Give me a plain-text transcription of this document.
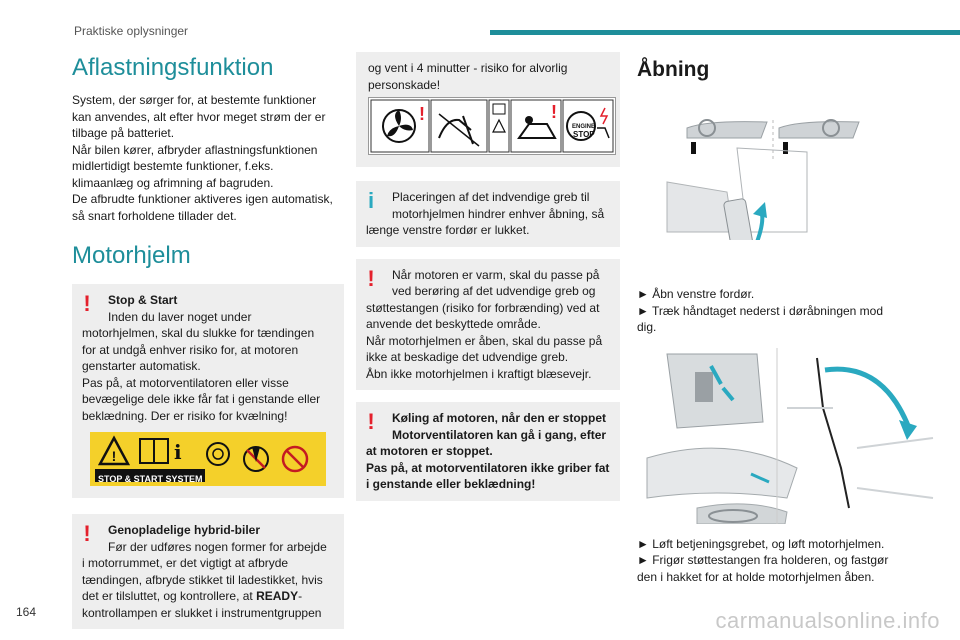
Praktiske oplysninger
Aflastningsfunktion

System, der sørger for, at bestemte funktioner
kan anvendes, alt efter hvor meget strøm der er
tilbage på batteriet.
Når bilen kører, afbryder aflastningsfunktionen
midlertidigt bestemte funktioner, f.eks.
klimaanlæg og afrimning af bagruden.
De afbrudte funktioner aktiveres igen automatisk,
så snart forholdene tillader det.

Motorhjelm
!	Stop & Start
Inden du laver noget under
motorhjelmen, skal du slukke for tændingen
for at undgå enhver risiko for, at motoren
genstarter automatisk.
Pas på, at motorventilatoren eller visse
bevægelige dele ikke får fat i genstande eller
beklædning. Der er risiko for kvælning!
!	i
STOP & START SYSTEM
!	Genopladelige hybrid-biler
Før der udføres nogen former for arbejde
i motorrummet, er det vigtigt at afbryde
tændingen, afbryde stikket til ladestikket, hvis
det er tilsluttet, og kontrollere, at READY-
kontrollampen er slukket i instrumentgruppen
og vent i 4 minutter - risiko for alvorlig
personskade!
!	!
ENGINE
STOP
i	Placeringen af det indvendige greb til
motorhjelmen hindrer enhver åbning, så
længe venstre fordør er lukket.
!	Når motoren er varm, skal du passe på
ved berøring af det udvendige greb og
støttestangen (risiko for forbrænding) ved at
anvende det beskyttede område.
Når motorhjelmen er åben, skal du passe på
ikke at beskadige det udvendige greb.
Åbn ikke motorhjelmen i kraftigt blæsevejr.
!	Køling af motoren, når den er stoppet
Motorventilatoren kan gå i gang, efter
at motoren er stoppet.
Pas på, at motorventilatoren ikke griber fat
i genstande eller beklædning!
Åbning
► Åbn venstre fordør.
► Træk håndtaget nederst i døråbningen mod
dig.
► Løft betjeningsgrebet, og løft motorhjelmen.
► Frigør støttestangen fra holderen, og fastgør
den i hakket for at holde motorhjelmen åben.
164	carmanualsonline.info
